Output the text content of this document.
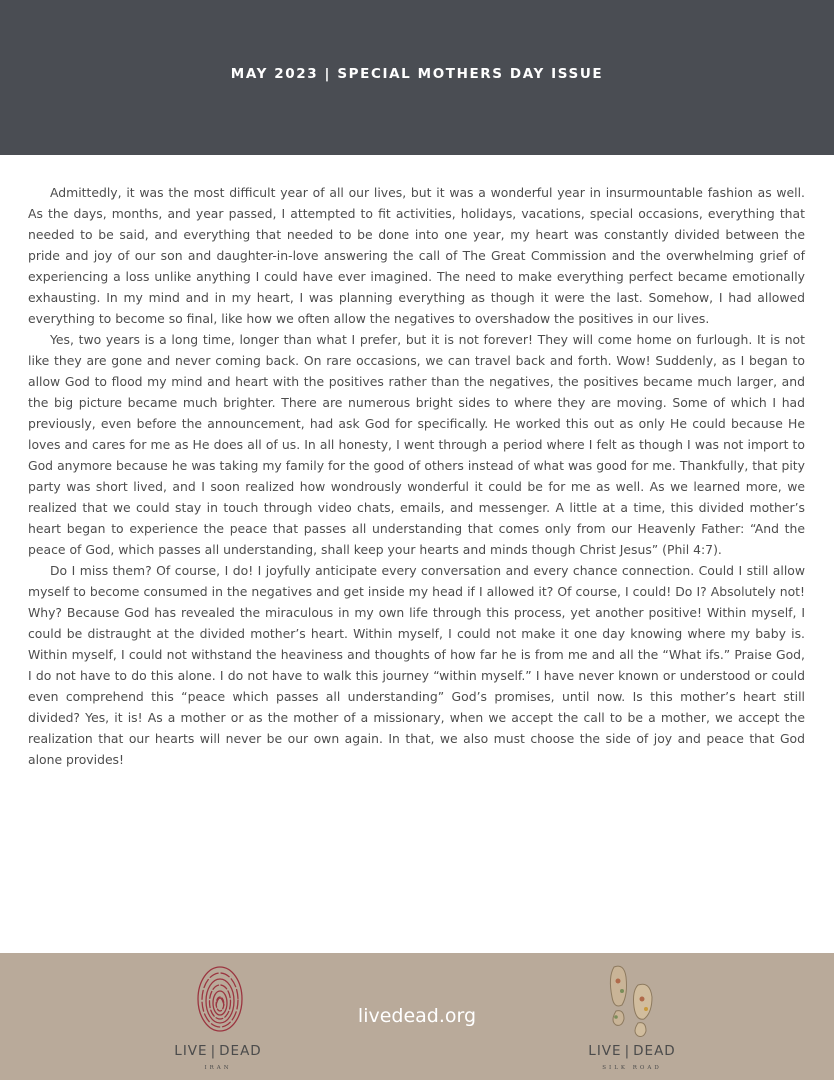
MAY 2023 | SPECIAL MOTHERS DAY ISSUE

Admittedly, it was the most difficult year of all our lives, but it was a wonderful year in insurmountable fashion as well. As the days, months, and year passed, I attempted to fit activities, holidays, vacations, special occasions, everything that needed to be said, and everything that needed to be done into one year, my heart was constantly divided between the pride and joy of our son and daughter-in-love answering the call of The Great Commission and the overwhelming grief of experiencing a loss unlike anything I could have ever imagined. The need to make everything perfect became emotionally exhausting. In my mind and in my heart, I was planning everything as though it were the last. Somehow, I had allowed everything to become so final, like how we often allow the negatives to overshadow the positives in our lives.

Yes, two years is a long time, longer than what I prefer, but it is not forever! They will come home on furlough. It is not like they are gone and never coming back. On rare occasions, we can travel back and forth. Wow! Suddenly, as I began to allow God to flood my mind and heart with the positives rather than the negatives, the positives became much larger, and the big picture became much brighter. There are numerous bright sides to where they are moving. Some of which I had previously, even before the announcement, had ask God for specifically. He worked this out as only He could because He loves and cares for me as He does all of us. In all honesty, I went through a period where I felt as though I was not import to God anymore because he was taking my family for the good of others instead of what was good for me. Thankfully, that pity party was short lived, and I soon realized how wondrously wonderful it could be for me as well. As we learned more, we realized that we could stay in touch through video chats, emails, and messenger. A little at a time, this divided mother’s heart began to experience the peace that passes all understanding that comes only from our Heavenly Father: “And the peace of God, which passes all understanding, shall keep your hearts and minds though Christ Jesus” (Phil 4:7).

Do I miss them? Of course, I do! I joyfully anticipate every conversation and every chance connection. Could I still allow myself to become consumed in the negatives and get inside my head if I allowed it? Of course, I could! Do I? Absolutely not! Why? Because God has revealed the miraculous in my own life through this process, yet another positive! Within myself, I could be distraught at the divided mother’s heart. Within myself, I could not make it one day knowing where my baby is. Within myself, I could not withstand the heaviness and thoughts of how far he is from me and all the “What ifs.” Praise God, I do not have to do this alone. I do not have to walk this journey “within myself.” I have never known or understood or could even comprehend this “peace which passes all understanding” God’s promises, until now. Is this mother’s heart still divided? Yes, it is! As a mother or as the mother of a missionary, when we accept the call to be a mother, we accept the realization that our hearts will never be our own again. In that, we also must choose the side of joy and peace that God alone provides!

LIVE | DEAD
IRAN
livedead.org
LIVE | DEAD
SILK ROAD
